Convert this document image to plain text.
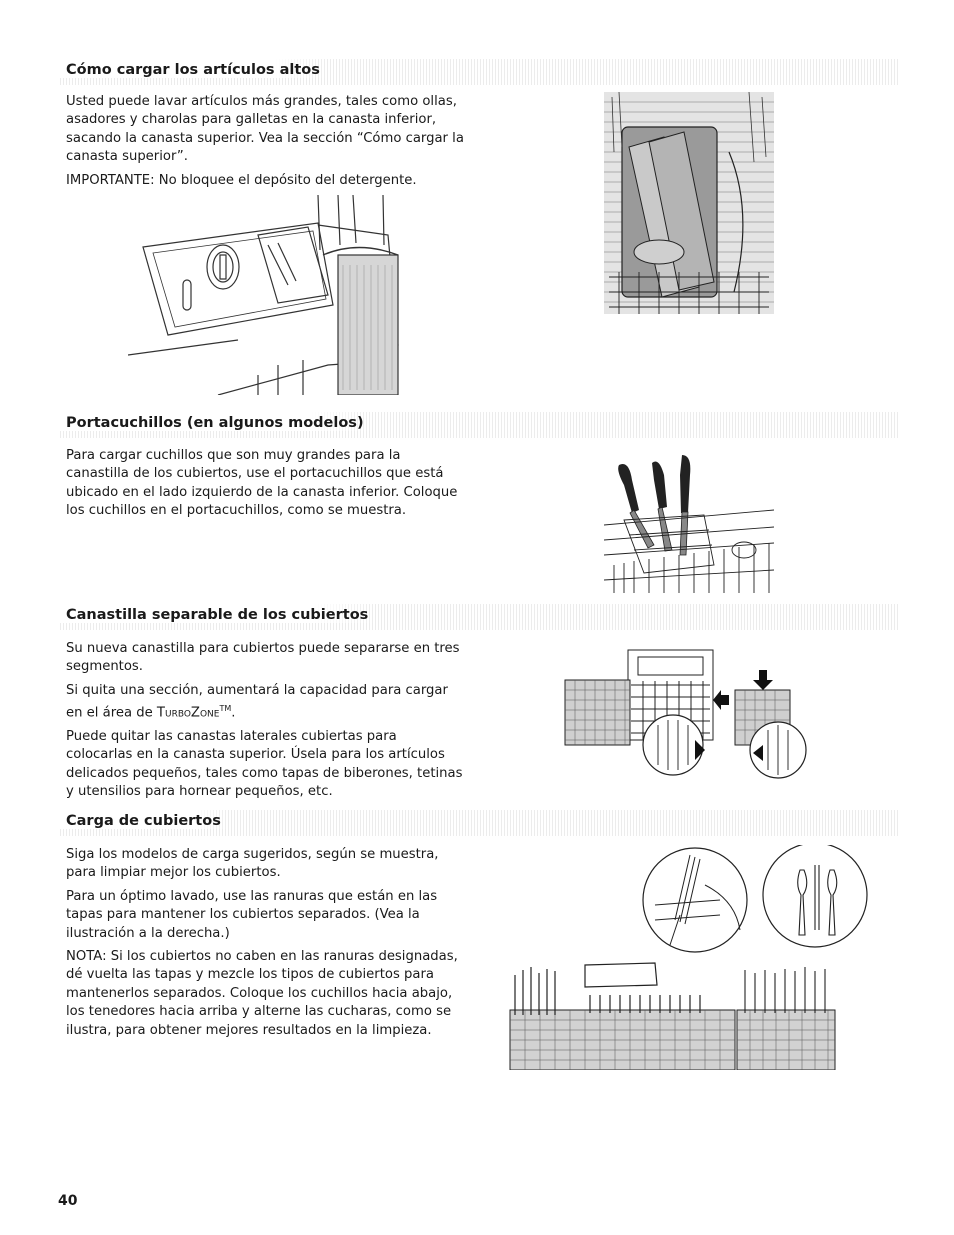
Cómo cargar los artículos altos

Usted puede lavar artículos más grandes, tales como ollas, asadores y charolas para galletas en la canasta inferior, sacando la canasta superior. Vea la sección “Cómo cargar la canasta superior”.

IMPORTANTE: No bloquee el depósito del detergente.

Portacuchillos (en algunos modelos)

Para cargar cuchillos que son muy grandes para la canastilla de los cubiertos, use el portacuchillos que está ubicado en el lado izquierdo de la canasta inferior. Coloque los cuchillos en el portacuchillos, como se muestra.

Canastilla separable de los cubiertos

Su nueva canastilla para cubiertos puede separarse en tres segmentos.

Si quita una sección, aumentará la capacidad para cargar en el área de TurboZone™.

Puede quitar las canastas laterales cubiertas para colocarlas en la canasta superior. Úsela para los artículos delicados pequeños, tales como tapas de biberones, tetinas y utensilios para hornear pequeños, etc.

Carga de cubiertos

Siga los modelos de carga sugeridos, según se muestra, para limpiar mejor los cubiertos.

Para un óptimo lavado, use las ranuras que están en las tapas para mantener los cubiertos separados. (Vea la ilustración a la derecha.)

NOTA: Si los cubiertos no caben en las ranuras designadas, dé vuelta las tapas y mezcle los tipos de cubiertos para mantenerlos separados. Coloque los cuchillos hacia abajo, los tenedores hacia arriba y alterne las cucharas, como se ilustra, para obtener mejores resultados en la limpieza.

40
